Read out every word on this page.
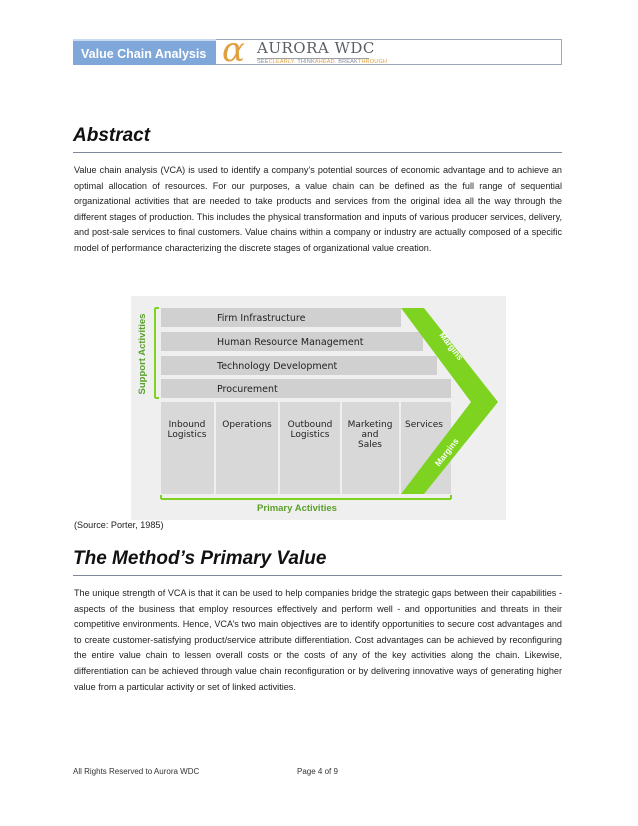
Value Chain Analysis α AURORA WDC
SEECLEARLY. THINKAHEAD. BREAKTHROUGH
Abstract

Value chain analysis (VCA) is used to identify a company’s potential sources of economic advantage and to achieve an optimal allocation of resources. For our purposes, a value chain can be defined as the full range of sequential organizational activities that are needed to take products and services from the original idea all the way through the different stages of production. This includes the physical transformation and inputs of various producer services, delivery, and post-sale services to final customers. Value chains within a company or industry are actually composed of a specific model of performance characterizing the discrete stages of organizational value creation.

Support Activities	Firm Infrastructure
Human Resource Management
Technology Development
Procurement
Inbound
Logistics
Operations Outbound
Logistics
Marketing
and
Sales
Services
Margins
Margins
Primary Activities
(Source: Porter, 1985)
The Method’s Primary Value

The unique strength of VCA is that it can be used to help companies bridge the strategic gaps between their capabilities - aspects of the business that employ resources effectively and perform well - and opportunities and threats in their competitive environments. Hence, VCA’s two main objectives are to identify opportunities to secure cost advantages and to create customer-satisfying product/service attribute differentiation. Cost advantages can be achieved by reconfiguring the entire value chain to lessen overall costs or the costs of any of the key activities along the chain. Likewise, differentiation can be achieved through value chain reconfiguration or by delivering innovative ways of generating higher value from a particular activity or set of linked activities.

All Rights Reserved to Aurora WDC	Page 4 of 9
